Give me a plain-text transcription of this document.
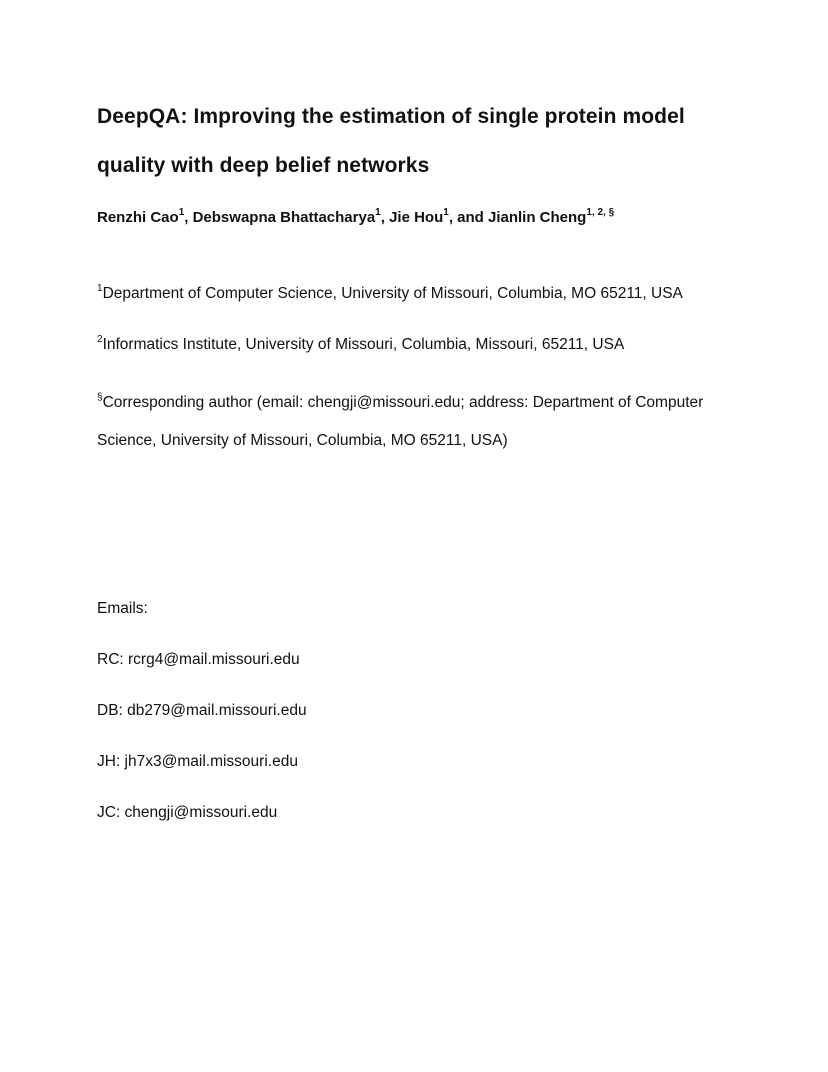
DeepQA: Improving the estimation of single protein model quality with deep belief networks
Renzhi Cao$^1$, Debswapna Bhattacharya$^1$, Jie Hou$^1$, and Jianlin Cheng$^{1, 2, \S}$
$^1$Department of Computer Science, University of Missouri, Columbia, MO 65211, USA
$^2$Informatics Institute, University of Missouri, Columbia, Missouri, 65211, USA
§Corresponding author (email: chengji@missouri.edu; address: Department of Computer Science, University of Missouri, Columbia, MO 65211, USA)
Emails:
RC: rcrg4@mail.missouri.edu
DB: db279@mail.missouri.edu
JH: jh7x3@mail.missouri.edu
JC: chengji@missouri.edu
